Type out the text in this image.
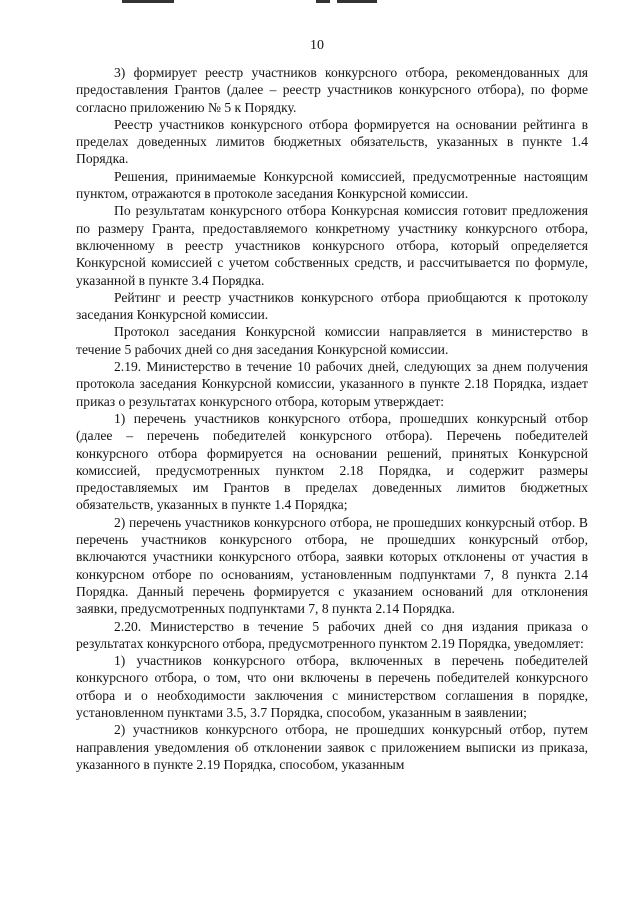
10

3) формирует реестр участников конкурсного отбора, рекомендованных для предоставления Грантов (далее – реестр участников конкурсного отбора), по форме согласно приложению № 5 к Порядку.

Реестр участников конкурсного отбора формируется на основании рейтинга в пределах доведенных лимитов бюджетных обязательств, указанных в пункте 1.4 Порядка.

Решения, принимаемые Конкурсной комиссией, предусмотренные настоящим пунктом, отражаются в протоколе заседания Конкурсной комиссии.

По результатам конкурсного отбора Конкурсная комиссия готовит предложения по размеру Гранта, предоставляемого конкретному участнику конкурсного отбора, включенному в реестр участников конкурсного отбора, который определяется Конкурсной комиссией с учетом собственных средств, и рассчитывается по формуле, указанной в пункте 3.4 Порядка.

Рейтинг и реестр участников конкурсного отбора приобщаются к протоколу заседания Конкурсной комиссии.

Протокол заседания Конкурсной комиссии направляется в министерство в течение 5 рабочих дней со дня заседания Конкурсной комиссии.

2.19. Министерство в течение 10 рабочих дней, следующих за днем получения протокола заседания Конкурсной комиссии, указанного в пункте 2.18 Порядка, издает приказ о результатах конкурсного отбора, которым утверждает:

1) перечень участников конкурсного отбора, прошедших конкурсный отбор (далее – перечень победителей конкурсного отбора). Перечень победителей конкурсного отбора формируется на основании решений, принятых Конкурсной комиссией, предусмотренных пунктом 2.18 Порядка, и содержит размеры предоставляемых им Грантов в пределах доведенных лимитов бюджетных обязательств, указанных в пункте 1.4 Порядка;

2) перечень участников конкурсного отбора, не прошедших конкурсный отбор. В перечень участников конкурсного отбора, не прошедших конкурсный отбор, включаются участники конкурсного отбора, заявки которых отклонены от участия в конкурсном отборе по основаниям, установленным подпунктами 7, 8 пункта 2.14 Порядка. Данный перечень формируется с указанием оснований для отклонения заявки, предусмотренных подпунктами 7, 8 пункта 2.14 Порядка.

2.20. Министерство в течение 5 рабочих дней со дня издания приказа о результатах конкурсного отбора, предусмотренного пунктом 2.19 Порядка, уведомляет:

1) участников конкурсного отбора, включенных в перечень победителей конкурсного отбора, о том, что они включены в перечень победителей конкурсного отбора и о необходимости заключения с министерством соглашения в порядке, установленном пунктами 3.5, 3.7 Порядка, способом, указанным в заявлении;

2) участников конкурсного отбора, не прошедших конкурсный отбор, путем направления уведомления об отклонении заявок с приложением выписки из приказа, указанного в пункте 2.19 Порядка, способом, указанным
